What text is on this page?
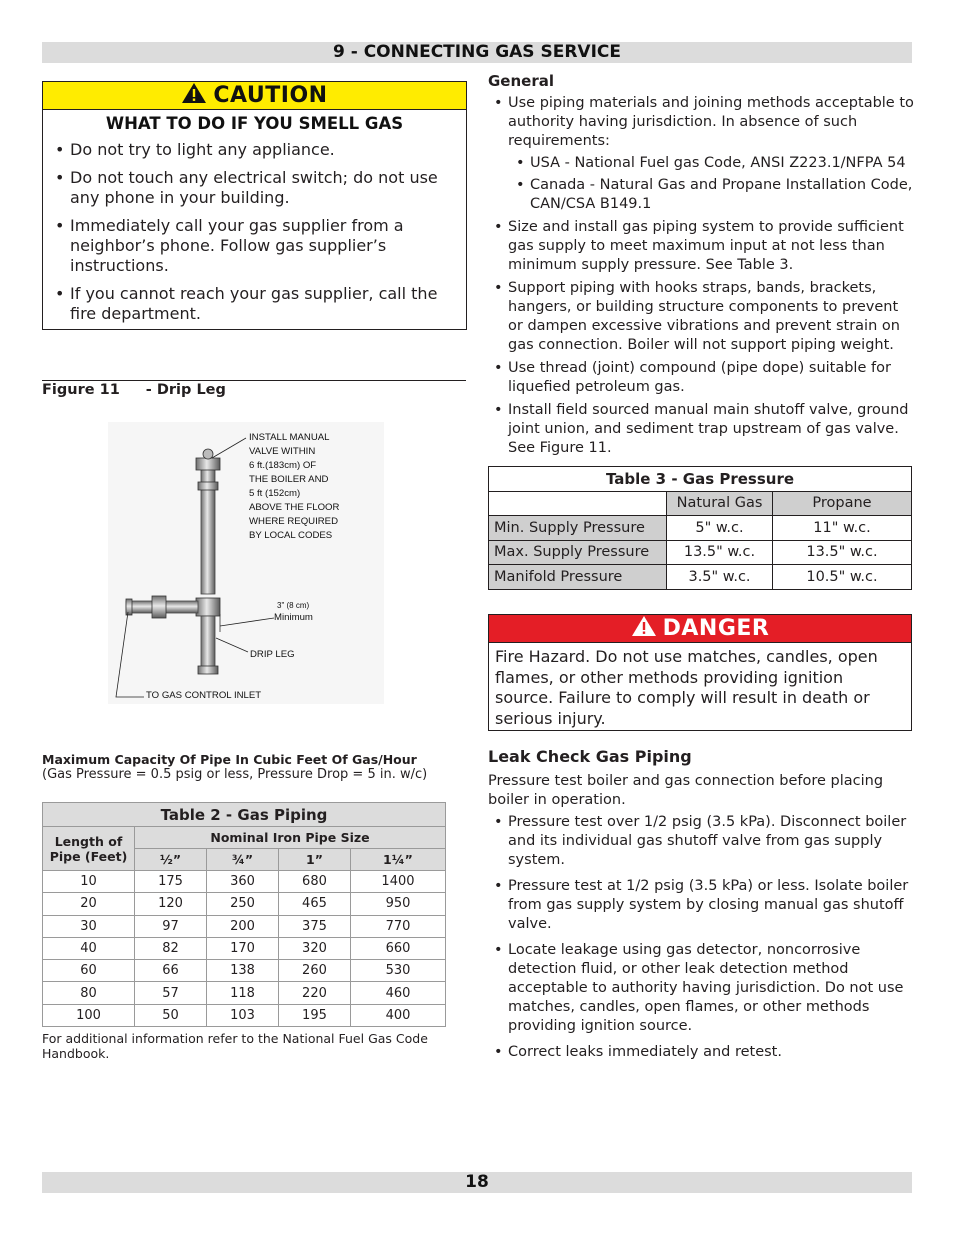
9 - CONNECTING GAS SERVICE
CAUTION
WHAT TO DO IF YOU SMELL GAS
• Do not try to light any appliance.
• Do not touch any electrical switch; do not use any phone in your building.
• Immediately call your gas supplier from a neighbor’s phone. Follow gas supplier’s instructions.
• If you cannot reach your gas supplier, call the fire department.
Figure 11 - Drip Leg
INSTALL MANUAL
VALVE WITHIN
6 ft.(183cm) OF
THE BOILER AND
5 ft (152cm)
ABOVE THE FLOOR
WHERE REQUIRED
BY LOCAL CODES
3" (8 cm)
Minimum
DRIP LEG
TO GAS CONTROL INLET
Maximum Capacity Of Pipe In Cubic Feet Of Gas/Hour
(Gas Pressure = 0.5 psig or less, Pressure Drop = 5 in. w/c)
Table 2 - Gas Piping				
Length of Pipe (Feet)	Nominal Iron Pipe Size			
	½”	¾”	1”	1¼”
10	175	360	680	1400
20	120	250	465	950
30	97	200	375	770
40	82	170	320	660
60	66	138	260	530
80	57	118	220	460
100	50	103	195	400
For additional information refer to the National Fuel Gas Code Handbook.
General
• Use piping materials and joining methods acceptable to authority having jurisdiction. In absence of such requirements:
• USA - National Fuel gas Code, ANSI Z223.1/NFPA 54
• Canada - Natural Gas and Propane Installation Code, CAN/CSA B149.1
• Size and install gas piping system to provide sufficient gas supply to meet maximum input at not less than minimum supply pressure. See Table 3.
• Support piping with hooks straps, bands, brackets, hangers, or building structure components to prevent or dampen excessive vibrations and prevent strain on gas connection. Boiler will not support piping weight.
• Use thread (joint) compound (pipe dope) suitable for liquefied petroleum gas.
• Install field sourced manual main shutoff valve, ground joint union, and sediment trap upstream of gas valve. See Figure 11.
Table 3 - Gas Pressure		
	Natural Gas	Propane
Min. Supply Pressure	5" w.c.	11" w.c.
Max. Supply Pressure	13.5" w.c.	13.5" w.c.
Manifold Pressure	3.5" w.c.	10.5" w.c.
DANGER
Fire Hazard. Do not use matches, candles, open flames, or other methods providing ignition source. Failure to comply will result in death or serious injury.
Leak Check Gas Piping
Pressure test boiler and gas connection before placing boiler in operation.
• Pressure test over 1/2 psig (3.5 kPa). Disconnect boiler and its individual gas shutoff valve from gas supply system.
• Pressure test at 1/2 psig (3.5 kPa) or less. Isolate boiler from gas supply system by closing manual gas shutoff valve.
• Locate leakage using gas detector, noncorrosive detection fluid, or other leak detection method acceptable to authority having jurisdiction. Do not use matches, candles, open flames, or other methods providing ignition source.
• Correct leaks immediately and retest.
18
